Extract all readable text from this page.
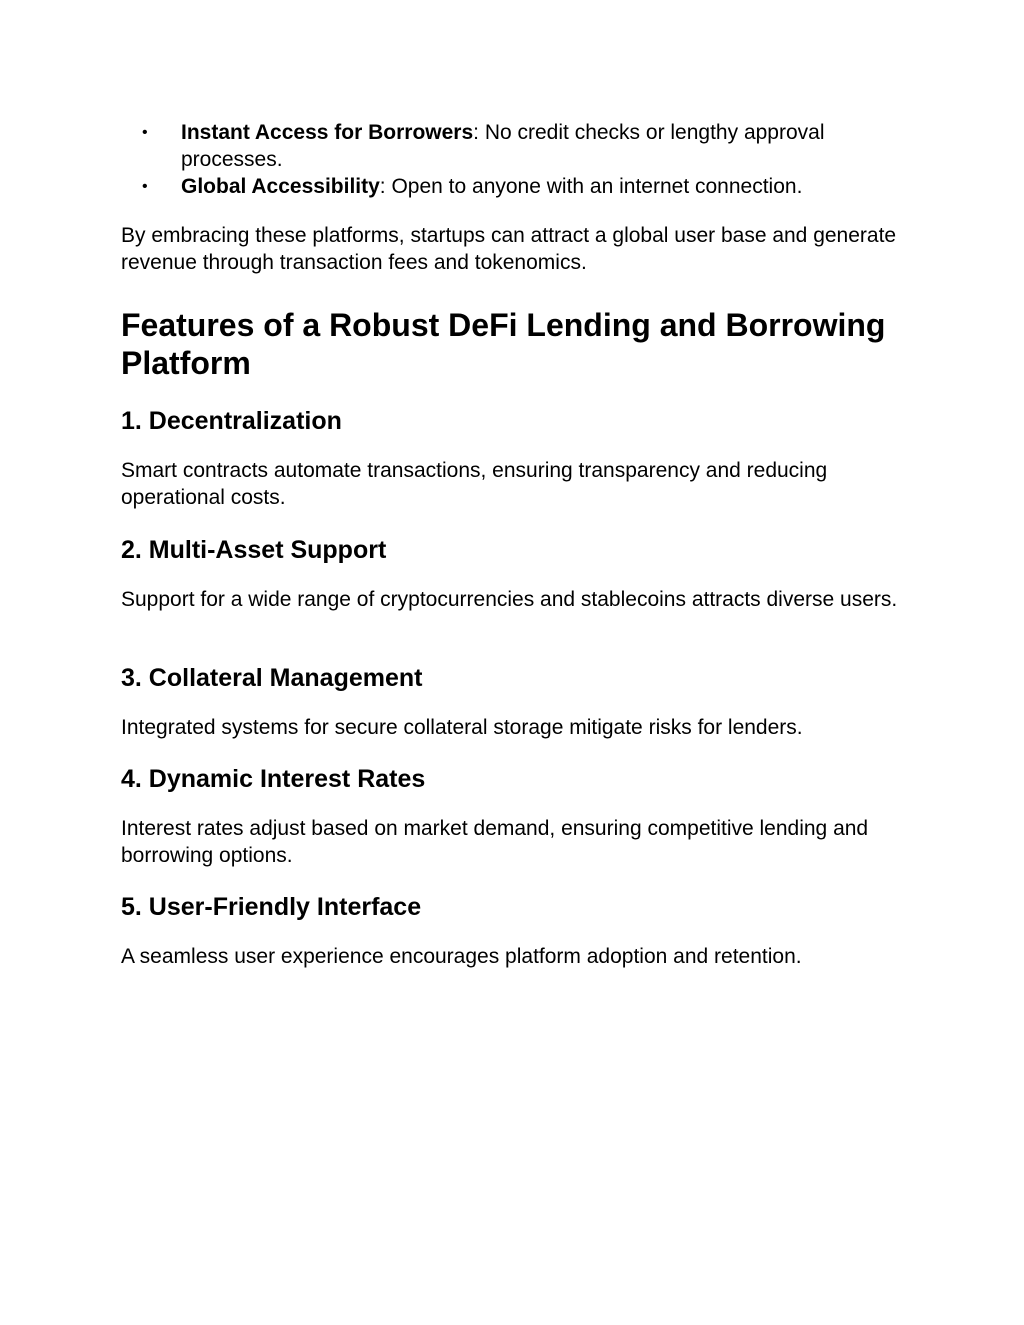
• Instant Access for Borrowers: No credit checks or lengthy approval processes.
• Global Accessibility: Open to anyone with an internet connection.

By embracing these platforms, startups can attract a global user base and generate revenue through transaction fees and tokenomics.

Features of a Robust DeFi Lending and Borrowing Platform
1. Decentralization

Smart contracts automate transactions, ensuring transparency and reducing operational costs.

2. Multi-Asset Support

Support for a wide range of cryptocurrencies and stablecoins attracts diverse users.

3. Collateral Management

Integrated systems for secure collateral storage mitigate risks for lenders.

4. Dynamic Interest Rates

Interest rates adjust based on market demand, ensuring competitive lending and borrowing options.

5. User-Friendly Interface

A seamless user experience encourages platform adoption and retention.
